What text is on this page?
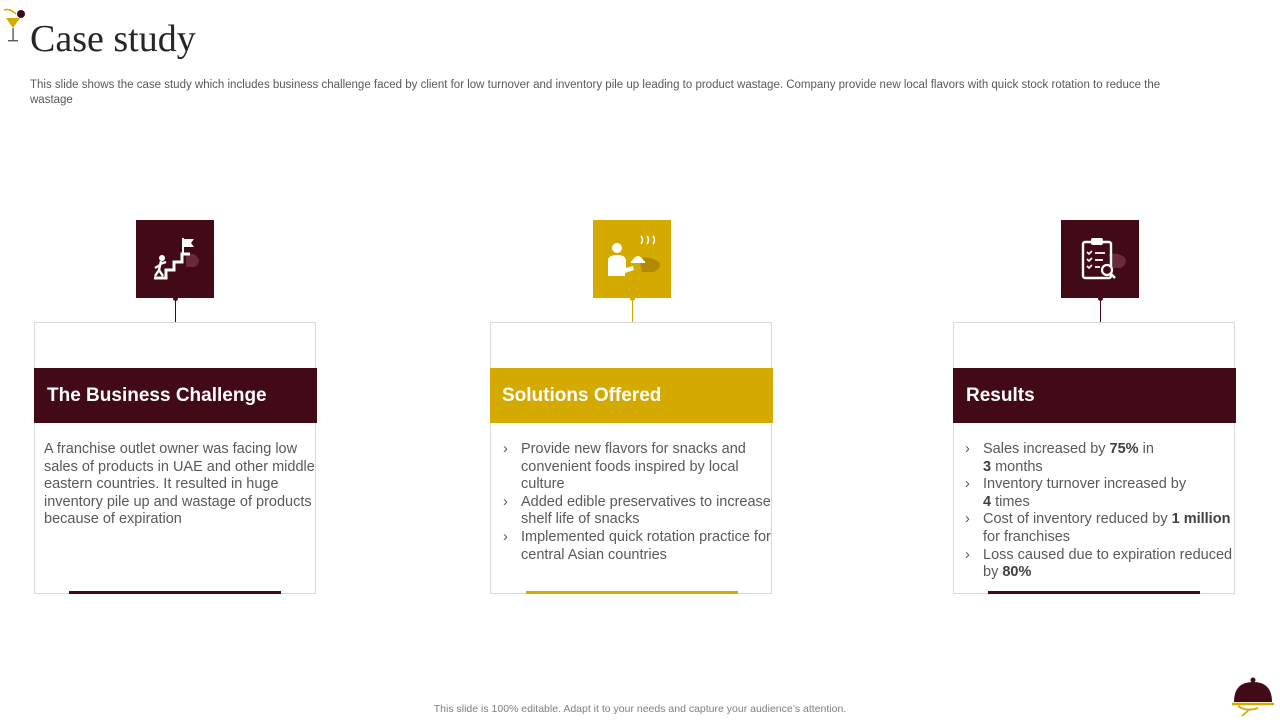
Case study

This slide shows the case study which includes business challenge faced by client for low turnover and inventory pile up leading to product wastage. Company provide new local flavors with quick stock rotation to reduce the wastage

The Business Challenge

A franchise outlet owner was facing low sales of products in UAE and other middle eastern countries. It resulted in huge inventory pile up and wastage of products because of expiration

Solutions Offered
› Provide new flavors for snacks and convenient foods inspired by local culture
› Added edible preservatives to increase shelf life of snacks
› Implemented quick rotation practice for central Asian countries
Results
› Sales increased by 75% in
3 months
› Inventory turnover increased by
4 times
› Cost of inventory reduced by 1 million for franchises
› Loss caused due to expiration reduced by 80%
This slide is 100% editable. Adapt it to your needs and capture your audience’s attention.
